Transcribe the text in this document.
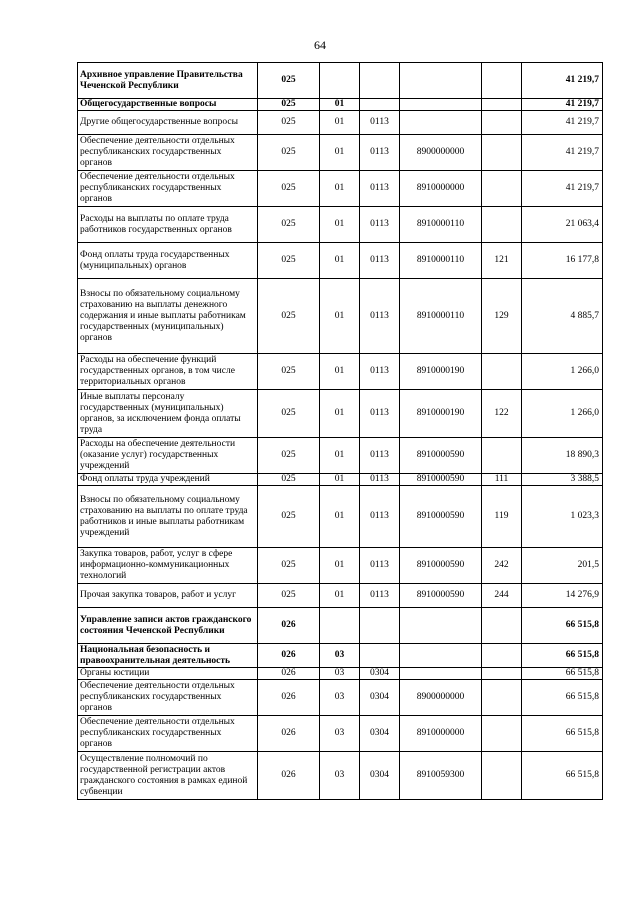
64
Архивное управление Правительства Чеченской Республики	025					41 219,7
Общегосударственные вопросы	025	01				41 219,7
Другие общегосударственные вопросы	025	01	0113			41 219,7
Обеспечение деятельности отдельных республиканских государственных органов	025	01	0113	8900000000		41 219,7
Обеспечение деятельности отдельных республиканских государственных органов	025	01	0113	8910000000		41 219,7
Расходы на выплаты по оплате труда работников государственных органов	025	01	0113	8910000110		21 063,4
Фонд оплаты труда государственных (муниципальных) органов	025	01	0113	8910000110	121	16 177,8
Взносы по обязательному социальному страхованию на выплаты денежного содержания и иные выплаты работникам государственных (муниципальных) органов	025	01	0113	8910000110	129	4 885,7
Расходы на обеспечение функций государственных органов, в том числе территориальных органов	025	01	0113	8910000190		1 266,0
Иные выплаты персоналу государственных (муниципальных) органов, за исключением фонда оплаты труда	025	01	0113	8910000190	122	1 266,0
Расходы на обеспечение деятельности (оказание услуг) государственных учреждений	025	01	0113	8910000590		18 890,3
Фонд оплаты труда учреждений	025	01	0113	8910000590	111	3 388,5
Взносы по обязательному социальному страхованию на выплаты по оплате труда работников и иные выплаты работникам учреждений	025	01	0113	8910000590	119	1 023,3
Закупка товаров, работ, услуг в сфере информационно-коммуникационных технологий	025	01	0113	8910000590	242	201,5
Прочая закупка товаров, работ и услуг	025	01	0113	8910000590	244	14 276,9
Управление записи актов гражданского состояния Чеченской Республики	026					66 515,8
Национальная безопасность и правоохранительная деятельность	026	03				66 515,8
Органы юстиции	026	03	0304			66 515,8
Обеспечение деятельности отдельных республиканских государственных органов	026	03	0304	8900000000		66 515,8
Обеспечение деятельности отдельных республиканских государственных органов	026	03	0304	8910000000		66 515,8
Осуществление полномочий по государственной регистрации актов гражданского состояния в рамках единой субвенции	026	03	0304	8910059300		66 515,8
